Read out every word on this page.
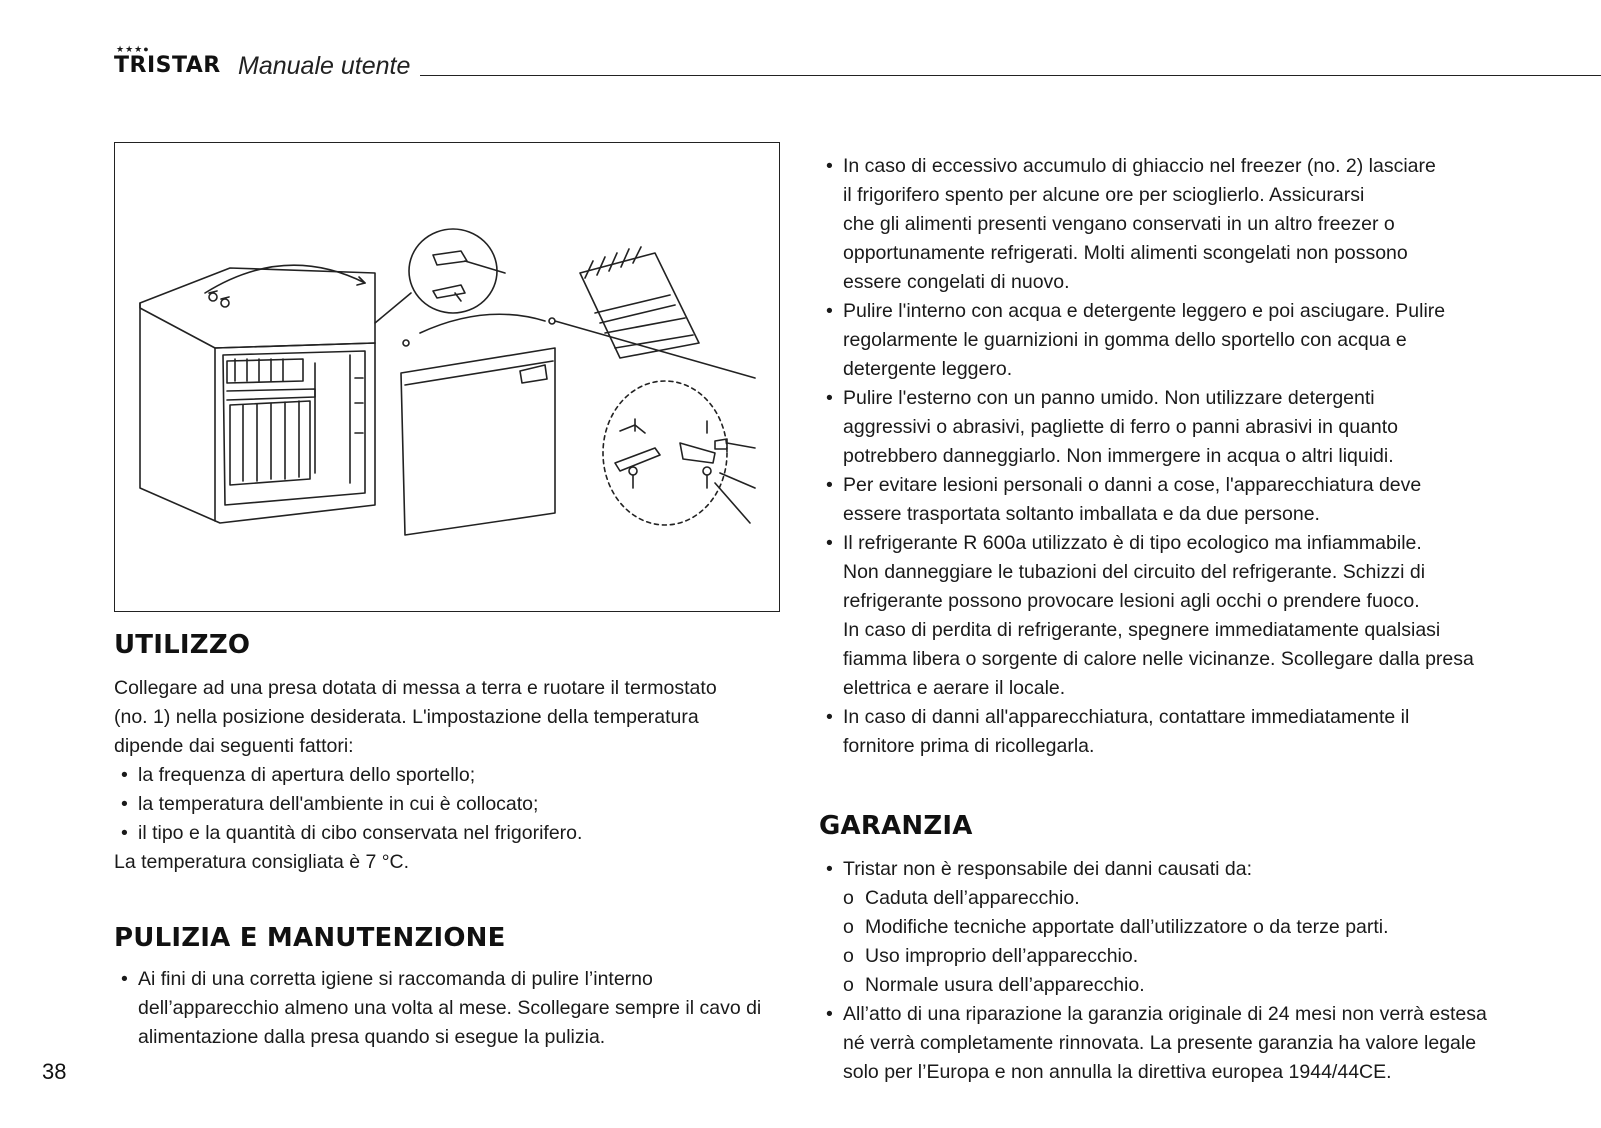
★★★●
TRISTAR Manuale utente
UTILIZZO

Collegare ad una presa dotata di messa a terra e ruotare il termostato

(no. 1) nella posizione desiderata. L'impostazione della temperatura

dipende dai seguenti fattori:

• la frequenza di apertura dello sportello;
• la temperatura dell'ambiente in cui è collocato;
• il tipo e la quantità di cibo conservata nel frigorifero.

La temperatura consigliata è 7 °C.

PULIZIA E MANUTENZIONE
• Ai fini di una corretta igiene si raccomanda di pulire l’interno
dell’apparecchio almeno una volta al mese. Scollegare sempre il cavo di
alimentazione dalla presa quando si esegue la pulizia.
• In caso di eccessivo accumulo di ghiaccio nel freezer (no. 2) lasciare
il frigorifero spento per alcune ore per scioglierlo. Assicurarsi
che gli alimenti presenti vengano conservati in un altro freezer o
opportunamente refrigerati. Molti alimenti scongelati non possono
essere congelati di nuovo.
• Pulire l'interno con acqua e detergente leggero e poi asciugare. Pulire
regolarmente le guarnizioni in gomma dello sportello con acqua e
detergente leggero.
• Pulire l'esterno con un panno umido. Non utilizzare detergenti
aggressivi o abrasivi, pagliette di ferro o panni abrasivi in quanto
potrebbero danneggiarlo. Non immergere in acqua o altri liquidi.
• Per evitare lesioni personali o danni a cose, l'apparecchiatura deve
essere trasportata soltanto imballata e da due persone.
• Il refrigerante R 600a utilizzato è di tipo ecologico ma infiammabile.
Non danneggiare le tubazioni del circuito del refrigerante. Schizzi di
refrigerante possono provocare lesioni agli occhi o prendere fuoco.
In caso di perdita di refrigerante, spegnere immediatamente qualsiasi
fiamma libera o sorgente di calore nelle vicinanze. Scollegare dalla presa
elettrica e aerare il locale.
• In caso di danni all'apparecchiatura, contattare immediatamente il
fornitore prima di ricollegarla.
GARANZIA
• Tristar non è responsabile dei danni causati da:
o Caduta dell’apparecchio.
o Modifiche tecniche apportate dall’utilizzatore o da terze parti.
o Uso improprio dell’apparecchio.
o Normale usura dell’apparecchio.
• All’atto di una riparazione la garanzia originale di 24 mesi non verrà estesa
né verrà completamente rinnovata. La presente garanzia ha valore legale
solo per l’Europa e non annulla la direttiva europea 1944/44CE.
38
